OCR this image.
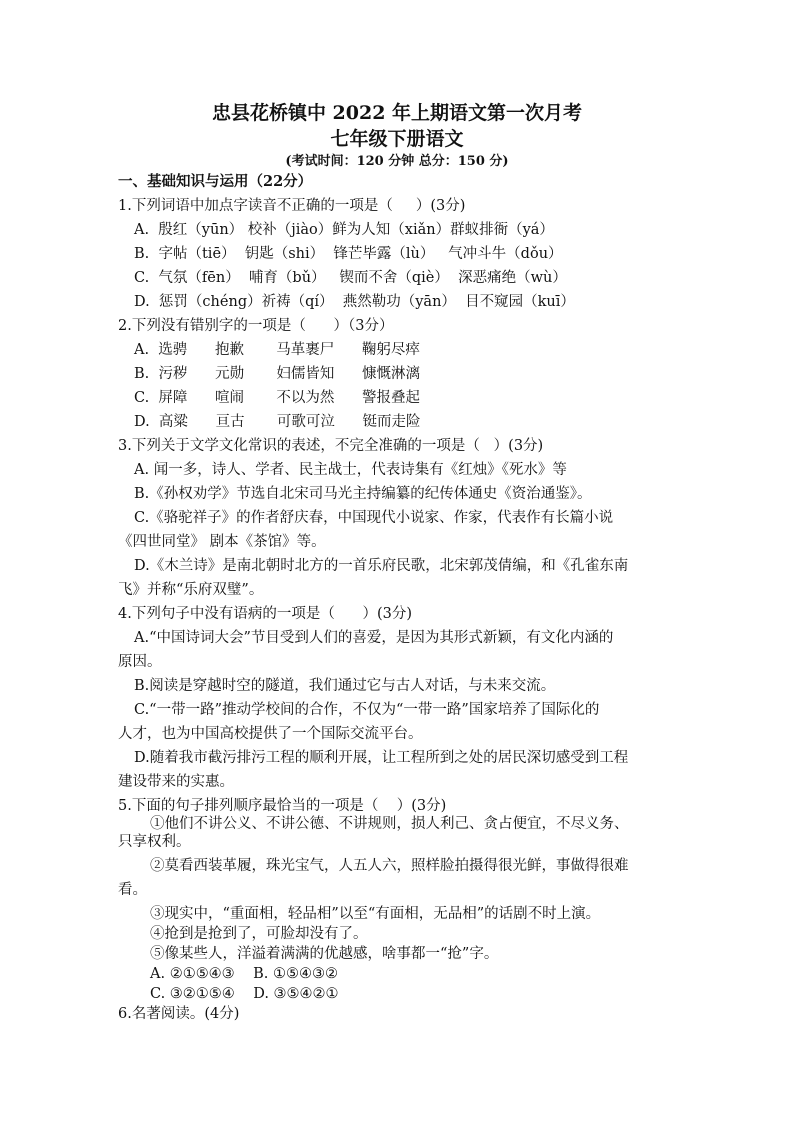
忠县花桥镇中 2022 年上期语文第一次月考
七年级下册语文
(考试时间：120 分钟 总分：150 分)
一、基础知识与运用（22分）
1.下列词语中加点字读音不正确的一项是（     ）(3分)
A.  殷红（yūn） 校补（jiào）鲜为人知（xiǎn）群蚁排衙（yá）
B.  字帖（tiē）  钥匙（shi）  锋芒毕露（lù）   气冲斗牛（dǒu）
C.  气氛（fēn）  哺育（bǔ）   锲而不舍（qiè）  深恶痛绝（wù）
D.  惩罚（chéng）祈祷（qí）  燕然勒功（yān）  目不窥园（kuī）
2.下列没有错别字的一项是（      ）（3分）
A.  选骋      抱歉       马革裹尸      鞠躬尽瘁
B.  污秽      元勋       妇儒皆知      慷慨淋漓
C.  屏障      喧闹       不以为然      警报叠起
D.  高粱      亘古       可歌可泣      铤而走险
3.下列关于文学文化常识的表述，不完全准确的一项是（   ）(3分)
A. 闻一多，诗人、学者、民主战士，代表诗集有《红烛》《死水》等
B.《孙权劝学》节选自北宋司马光主持编纂的纪传体通史《资治通鉴》。
C.《骆驼祥子》的作者舒庆春，中国现代小说家、作家，代表作有长篇小说
《四世同堂》 剧本《茶馆》等。
D.《木兰诗》是南北朝时北方的一首乐府民歌，北宋郭茂倩编，和《孔雀东南
飞》并称“乐府双璧”。
4.下列句子中没有语病的一项是（      ）(3分)
A.“中国诗词大会”节目受到人们的喜爱，是因为其形式新颖，有文化内涵的
原因。
B.阅读是穿越时空的隧道，我们通过它与古人对话，与未来交流。
C.“一带一路”推动学校间的合作，不仅为“一带一路”国家培养了国际化的
人才，也为中国高校提供了一个国际交流平台。
D.随着我市截污排污工程的顺利开展，让工程所到之处的居民深切感受到工程
建设带来的实惠。
5.下面的句子排列顺序最恰当的一项是（    ）(3分)
①他们不讲公义、不讲公德、不讲规则，损人利己、贪占便宜，不尽义务、
只享权利。
②莫看西装革履，珠光宝气，人五人六，照样脸拍摄得很光鲜，事做得很难
看。
③现实中，“重面相，轻品相”以至“有面相，无品相”的话剧不时上演。
④抢到是抢到了，可脸却没有了。
⑤像某些人，洋溢着满满的优越感，啥事都一“抢”字。
A. ②①⑤④③    B. ①⑤④③②
C. ③②①⑤④    D. ③⑤④②①
6.名著阅读。(4分)
